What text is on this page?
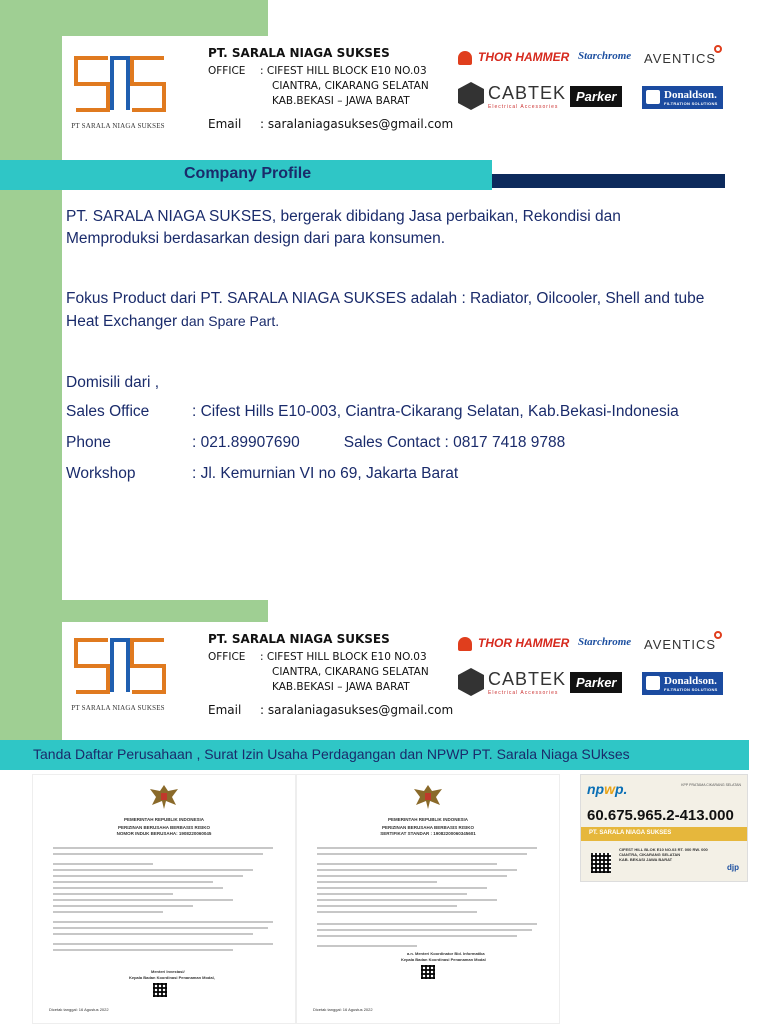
PT SARALA NIAGA SUKSES
PT. SARALA NIAGA SUKSES
OFFICE	: CIFEST HILL BLOCK E10 NO.03
CIANTRA, CIKARANG SELATAN
KAB.BEKASI – JAWA BARAT
Email	: saralaniagasukses@gmail.com
THOR HAMMER Starchrome AVENTICS
CABTEK
Electrical Accessories
Parker	Donaldson.
FILTRATION SOLUTIONS
Company Profile
PT. SARALA NIAGA SUKSES, bergerak dibidang Jasa perbaikan, Rekondisi dan Memproduksi berdasarkan design dari para konsumen.
Fokus Product dari PT. SARALA NIAGA SUKSES adalah : Radiator, Oilcooler, Shell and tube Heat Exchanger dan Spare Part.
Domisili dari ,
Sales Office	: Cifest Hills E10-003, Ciantra-Cikarang Selatan, Kab.Bekasi-Indonesia
Phone	: 021.89907690	Sales Contact : 0817 7418 9788
Workshop	: Jl. Kemurnian VI no 69, Jakarta Barat
PT SARALA NIAGA SUKSES
PT. SARALA NIAGA SUKSES
OFFICE	: CIFEST HILL BLOCK E10 NO.03
CIANTRA, CIKARANG SELATAN
KAB.BEKASI – JAWA BARAT
Email	: saralaniagasukses@gmail.com
THOR HAMMER Starchrome AVENTICS
CABTEK
Electrical Accessories
Parker	Donaldson.
FILTRATION SOLUTIONS
Tanda Daftar Perusahaan , Surat Izin Usaha Perdagangan dan NPWP PT. Sarala Niaga SUkses
PEMERINTAH REPUBLIK INDONESIA
PERIZINAN BERUSAHA BERBASIS RISIKO
NOMOR INDUK BERUSAHA: 1908220060045
Menteri Investasi/
Kepala Badan Koordinasi Penanaman Modal,
Dicetak tanggal: 16 Agustus 2022
PEMERINTAH REPUBLIK INDONESIA
PERIZINAN BERUSAHA BERBASIS RISIKO
SERTIFIKAT STANDAR : 19082200060345601
a.n. Menteri Koordinator Bid. Informatika
Kepala Badan Koordinasi Penanaman Modal
Dicetak tanggal: 16 Agustus 2022
npwp.	KPP PRATAMA CIKARANG SELATAN
60.675.965.2-413.000
PT. SARALA NIAGA SUKSES
CIFEST HILL BLOK E10 NO.03 RT. 000 RW. 000
CIANTRA, CIKARANG SELATAN
KAB. BEKASI JAWA BARAT
djp
